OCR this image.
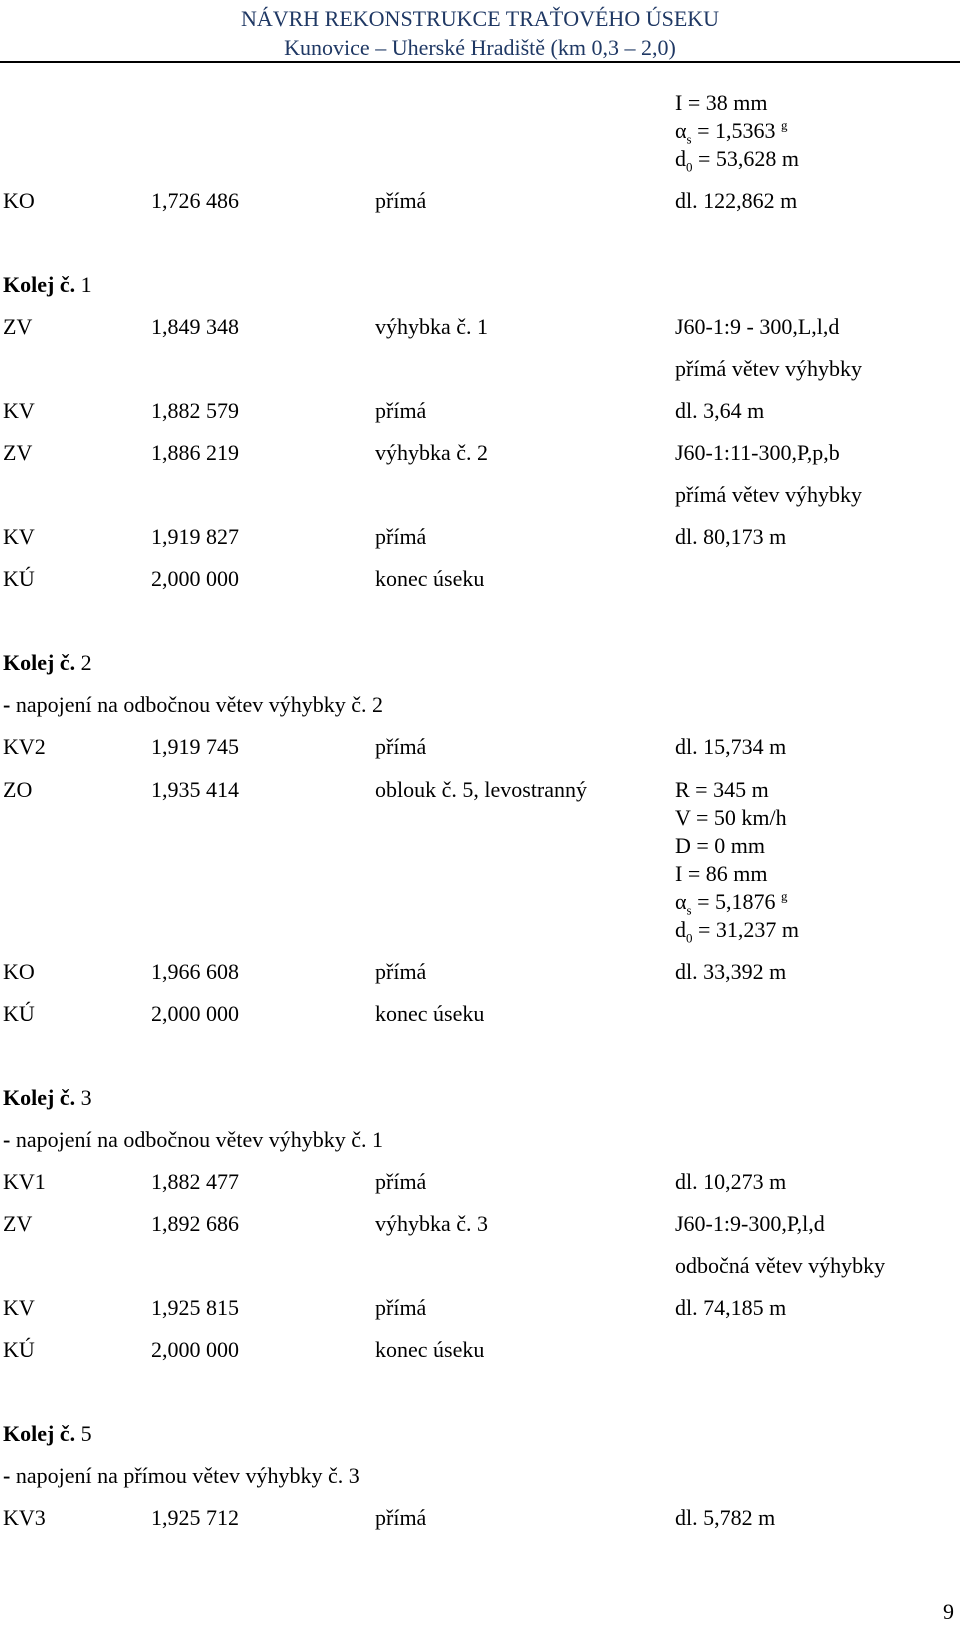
NÁVRH REKONSTRUKCE TRAŤOVÉHO ÚSEKU
Kunovice – Uherské Hradiště (km 0,3 – 2,0)
I = 38 mm
$\alpha_s = 1,5363$ $^g$
$d_0 = 53,628$ m
KO	1,726 486	přímá	dl. 122,862 m
Kolej č. 1
ZV	1,849 348	výhybka č. 1	J60-1:9 - 300,L,l,d
přímá větev výhybky
KV	1,882 579	přímá	dl. 3,64 m
ZV	1,886 219	výhybka č. 2	J60-1:11-300,P,p,b
přímá větev výhybky
KV	1,919 827	přímá	dl. 80,173 m
KÚ	2,000 000	konec úseku
Kolej č. 2
- napojení na odbočnou větev výhybky č. 2
KV2	1,919 745	přímá	dl. 15,734 m
ZO	1,935 414	oblouk č. 5, levostranný	R = 345 m
V = 50 km/h
D = 0 mm
I = 86 mm
$\alpha_s = 5,1876$ $^g$
$d_0 = 31,237$ m
KO	1,966 608	přímá	dl. 33,392 m
KÚ	2,000 000	konec úseku
Kolej č. 3
- napojení na odbočnou větev výhybky č. 1
KV1	1,882 477	přímá	dl. 10,273 m
ZV	1,892 686	výhybka č. 3	J60-1:9-300,P,l,d
odbočná větev výhybky
KV	1,925 815	přímá	dl. 74,185 m
KÚ	2,000 000	konec úseku
Kolej č. 5
- napojení na přímou větev výhybky č. 3
KV3	1,925 712	přímá	dl. 5,782 m
9
